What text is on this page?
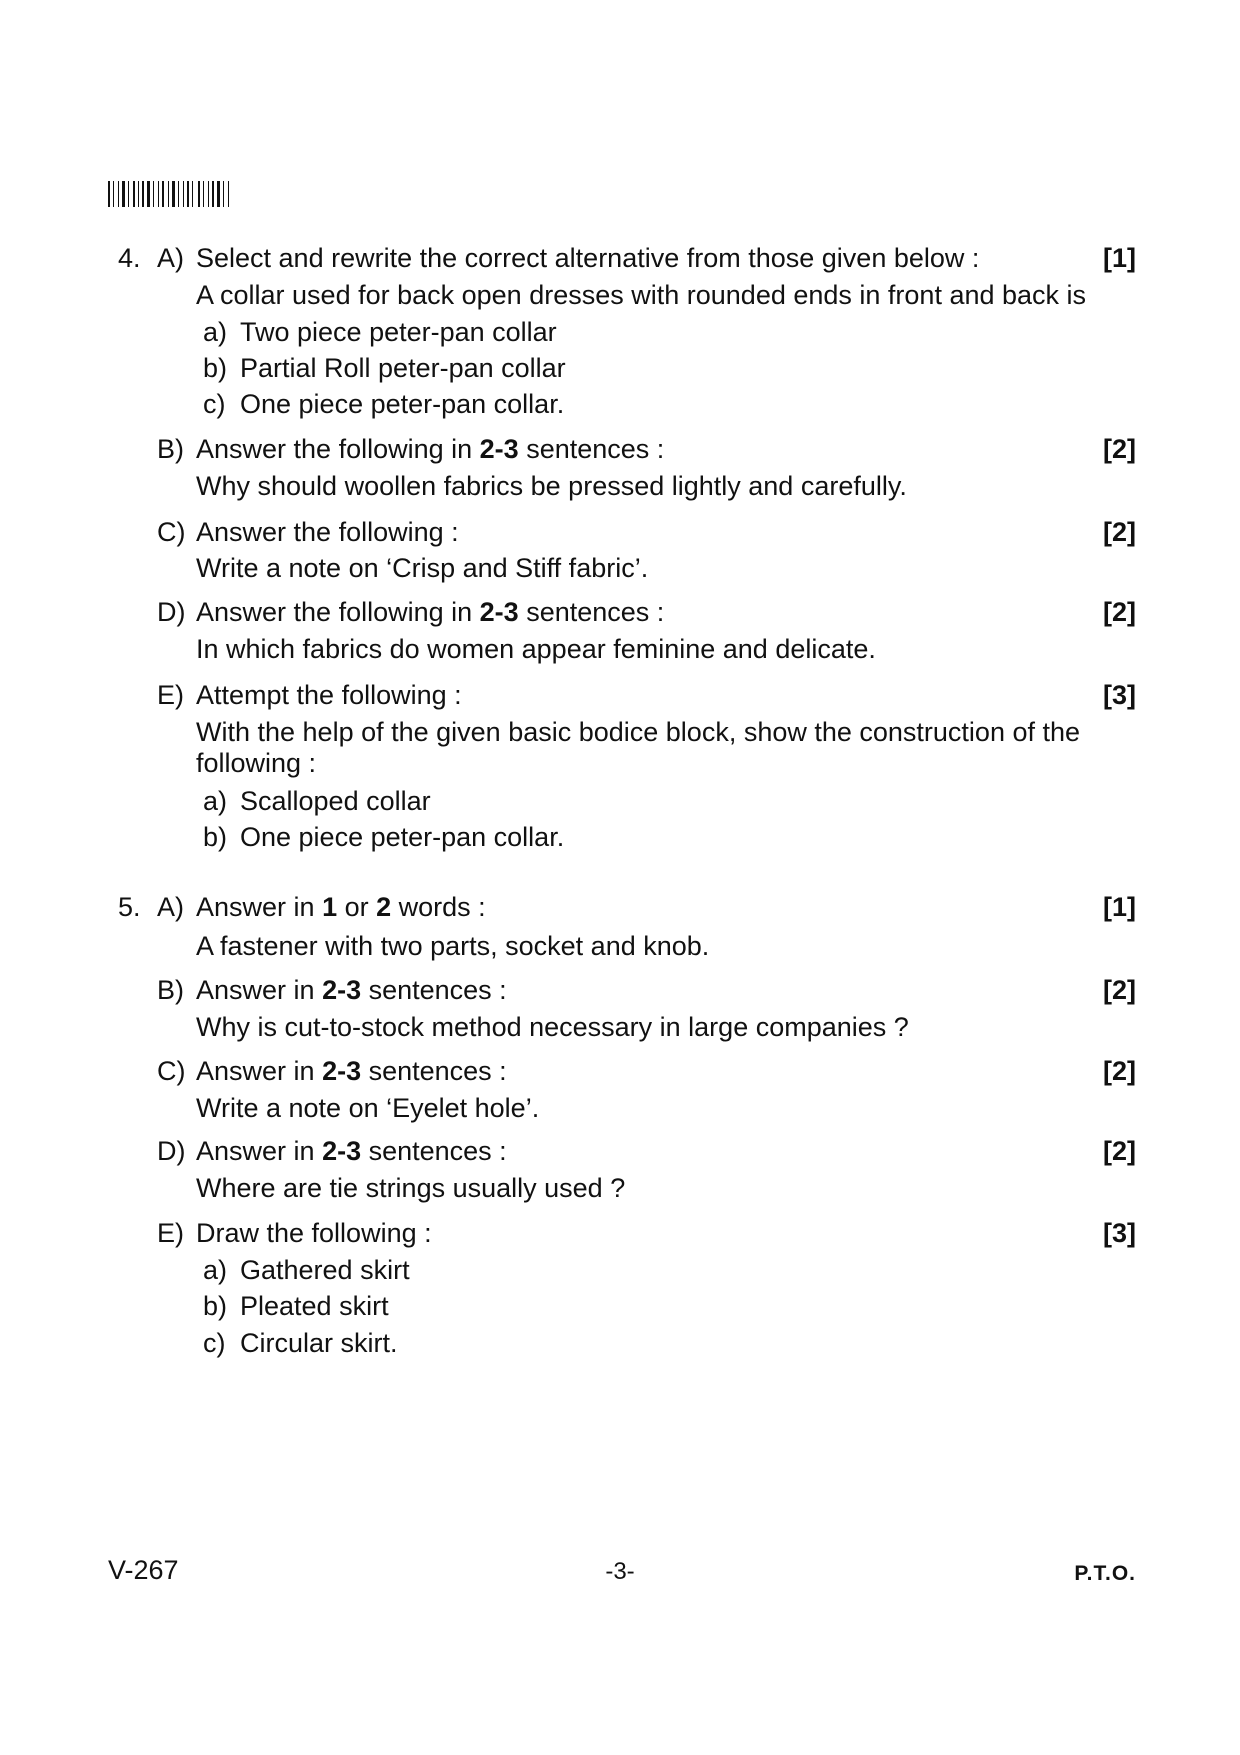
4. A) Select and rewrite the correct alternative from those given below :	[1]
A collar used for back open dresses with rounded ends in front and back is
a) Two piece peter-pan collar
b) Partial Roll peter-pan collar
c) One piece peter-pan collar.
B) Answer the following in 2-3 sentences :	[2]
Why should woollen fabrics be pressed lightly and carefully.
C) Answer the following :	[2]
Write a note on ‘Crisp and Stiff fabric’.
D) Answer the following in 2-3 sentences :	[2]
In which fabrics do women appear feminine and delicate.
E) Attempt the following :	[3]
With the help of the given basic bodice block, show the construction of the
following :
a) Scalloped collar
b) One piece peter-pan collar.
5. A) Answer in 1 or 2 words :	[1]
A fastener with two parts, socket and knob.
B) Answer in 2-3 sentences :	[2]
Why is cut-to-stock method necessary in large companies ?
C) Answer in 2-3 sentences :	[2]
Write a note on ‘Eyelet hole’.
D) Answer in 2-3 sentences :	[2]
Where are tie strings usually used ?
E) Draw the following :	[3]
a) Gathered skirt
b) Pleated skirt
c) Circular skirt.
V-267	-3-	P.T.O.
